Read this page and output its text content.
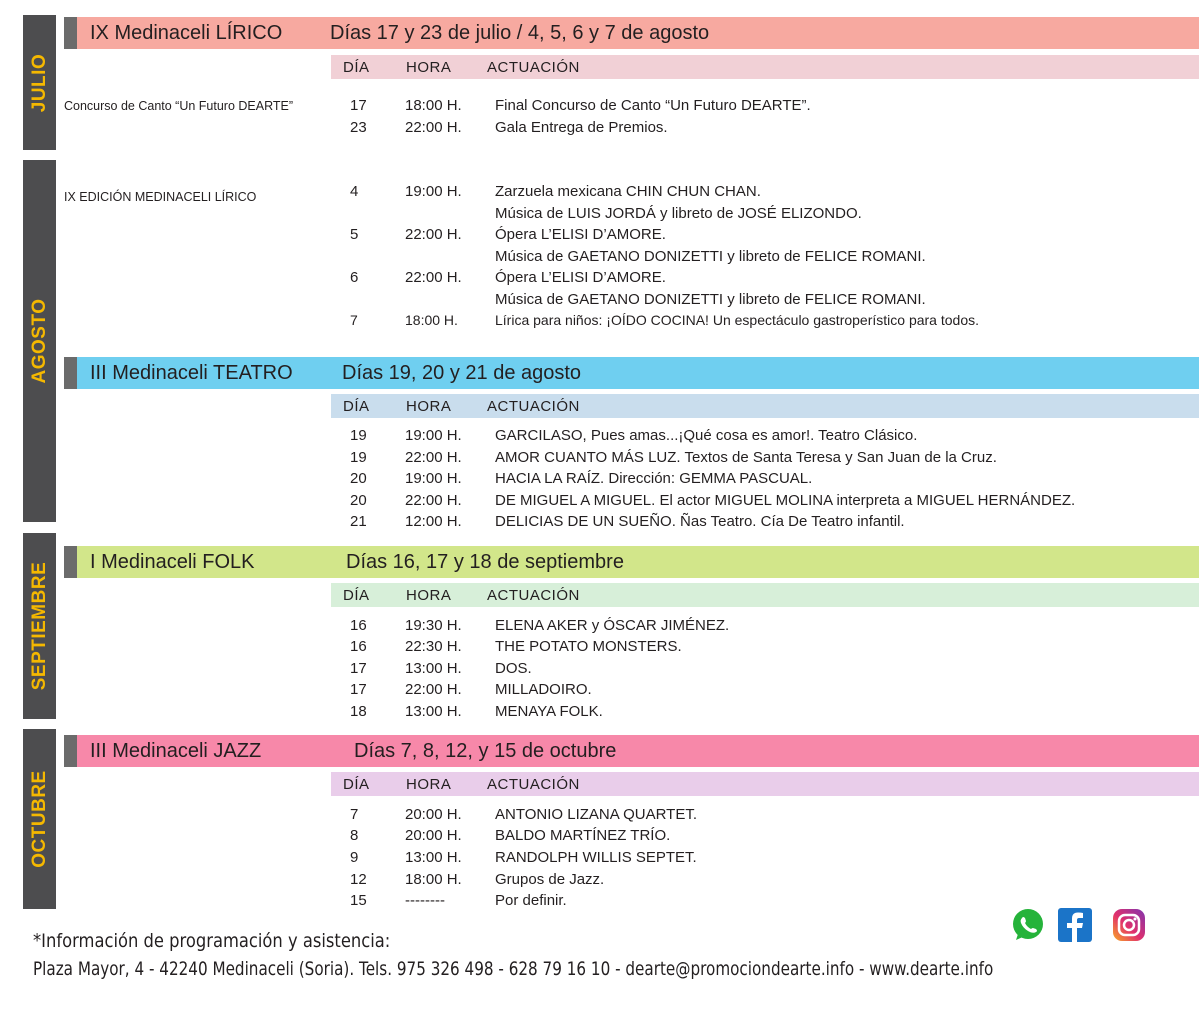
JULIO
AGOSTO
SEPTIEMBRE
OCTUBRE
IX Medinaceli LÍRICO Días 17 y 23 de julio / 4, 5, 6 y 7 de agosto
DÍA HORA ACTUACIÓN
Concurso de Canto “Un Futuro DEARTE”	17	18:00 H. Final Concurso de Canto “Un Futuro DEARTE”.
23	22:00 H. Gala Entrega de Premios.
IX EDICIÓN MEDINACELI LÍRICO	4	19:00 H. Zarzuela mexicana CHIN CHUN CHAN.
Música de LUIS JORDÁ y libreto de JOSÉ ELIZONDO.
5	22:00 H. Ópera L’ELISI D’AMORE.
Música de GAETANO DONIZETTI y libreto de FELICE ROMANI.
6	22:00 H. Ópera L’ELISI D’AMORE.
Música de GAETANO DONIZETTI y libreto de FELICE ROMANI.
7	18:00 H.	Lírica para niños: ¡OÍDO COCINA! Un espectáculo gastroperístico para todos.
III Medinaceli TEATRO Días 19, 20 y 21 de agosto
DÍA HORA ACTUACIÓN
19	19:00 H. GARCILASO, Pues amas...¡Qué cosa es amor!. Teatro Clásico.
19	22:00 H. AMOR CUANTO MÁS LUZ. Textos de Santa Teresa y San Juan de la Cruz.
20	19:00 H. HACIA LA RAÍZ. Dirección: GEMMA PASCUAL.
20	22:00 H. DE MIGUEL A MIGUEL. El actor MIGUEL MOLINA interpreta a MIGUEL HERNÁNDEZ.
21	12:00 H. DELICIAS DE UN SUEÑO. Ñas Teatro. Cía De Teatro infantil.
I Medinaceli FOLK	Días 16, 17 y 18 de septiembre
DÍA HORA ACTUACIÓN
16	19:30 H. ELENA AKER y ÓSCAR JIMÉNEZ.
16	22:30 H. THE POTATO MONSTERS.
17	13:00 H. DOS.
17	22:00 H. MILLADOIRO.
18	13:00 H. MENAYA FOLK.
III Medinaceli JAZZ	Días 7, 8, 12, y 15 de octubre
DÍA HORA ACTUACIÓN
7	20:00 H. ANTONIO LIZANA QUARTET.
8	20:00 H. BALDO MARTÍNEZ TRÍO.
9	13:00 H. RANDOLPH WILLIS SEPTET.
12	18:00 H. Grupos de Jazz.
15	--------	Por definir.
*Información de programación y asistencia:
Plaza Mayor, 4 - 42240 Medinaceli (Soria). Tels. 975 326 498 - 628 79 16 10 - dearte@promociondearte.info - www.dearte.info
